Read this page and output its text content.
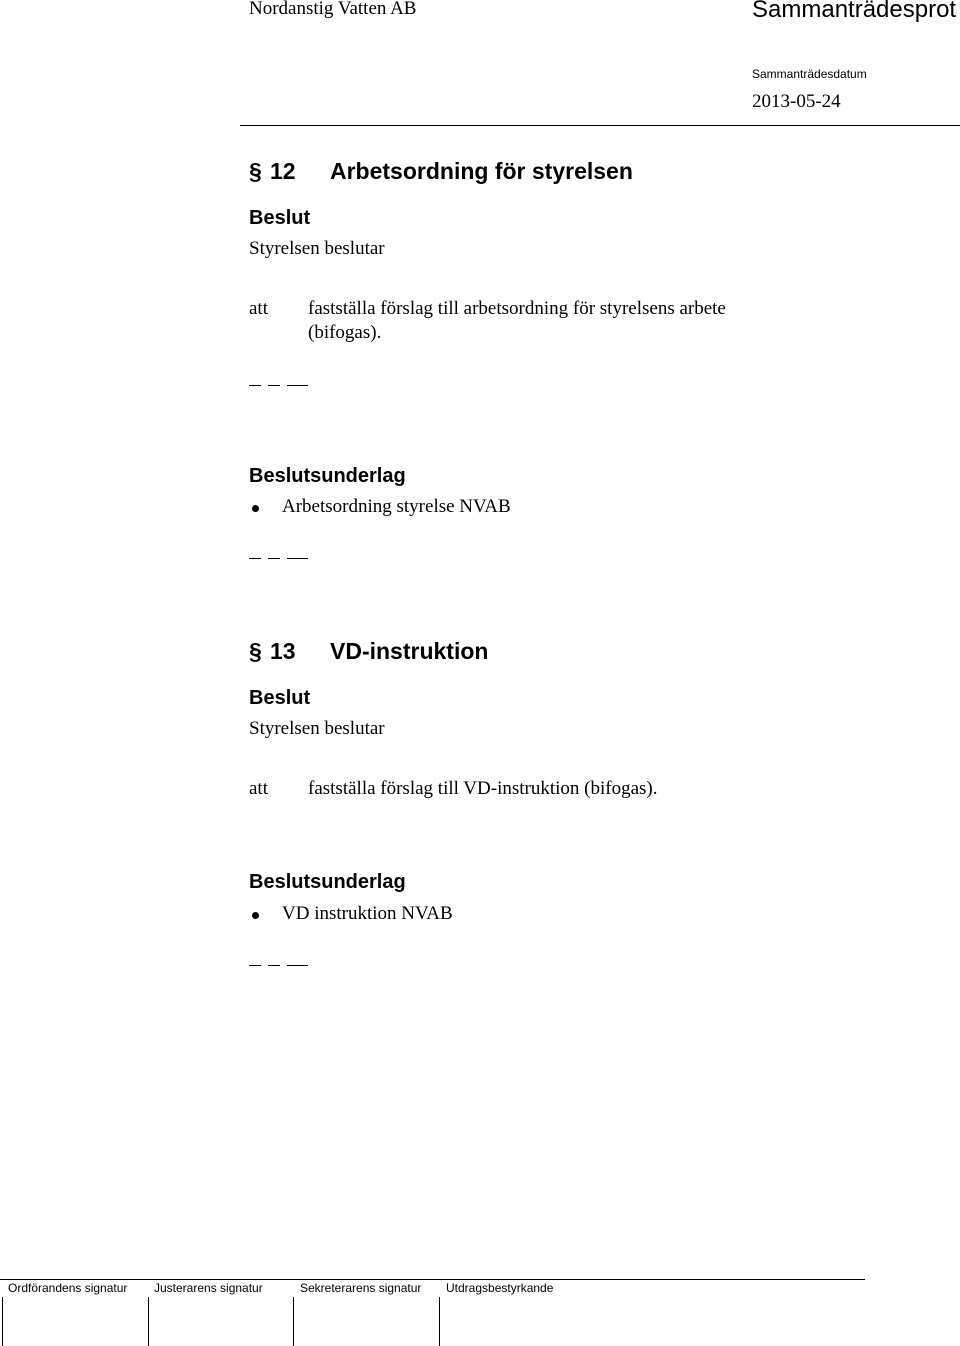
Nordanstig Vatten AB	Sammanträdesprot
Sammanträdesdatum
2013-05-24
§ 12 Arbetsordning för styrelsen
Beslut
Styrelsen beslutar
att fastställa förslag till arbetsordning för styrelsens arbete
(bifogas).
Beslutsunderlag
Arbetsordning styrelse NVAB
§ 13 VD-instruktion
Beslut
Styrelsen beslutar
att fastställa förslag till VD-instruktion (bifogas).
Beslutsunderlag
VD instruktion NVAB
Ordförandens signatur Justerarens signatur	Sekreterarens signatur Utdragsbestyrkande
